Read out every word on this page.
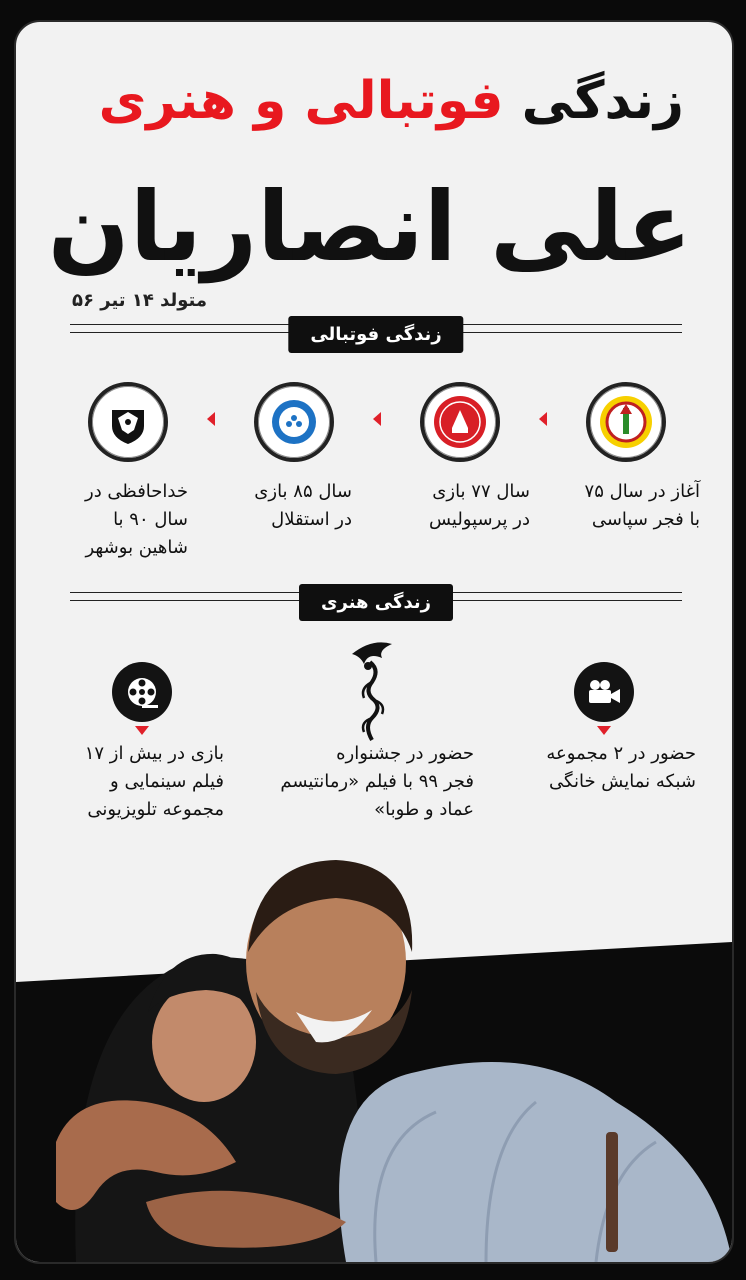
زندگی فوتبالی و هنری
علی انصاریان
متولد ۱۴ تیر ۵۶
زندگی فوتبالی
آغاز در سال ۷۵
با فجر سپاسی
سال ۷۷ بازی
در پرسپولیس
سال ۸۵ بازی
در استقلال
خداحافظی در
سال ۹۰ با
شاهین بوشهر
زندگی هنری
حضور در ۲ مجموعه
شبکه نمایش خانگی
حضور در جشنواره
فجر ۹۹ با فیلم «رمانتیسم
عماد و طوبا»
بازی در بیش از ۱۷
فیلم سینمایی و
مجموعه تلویزیونی
